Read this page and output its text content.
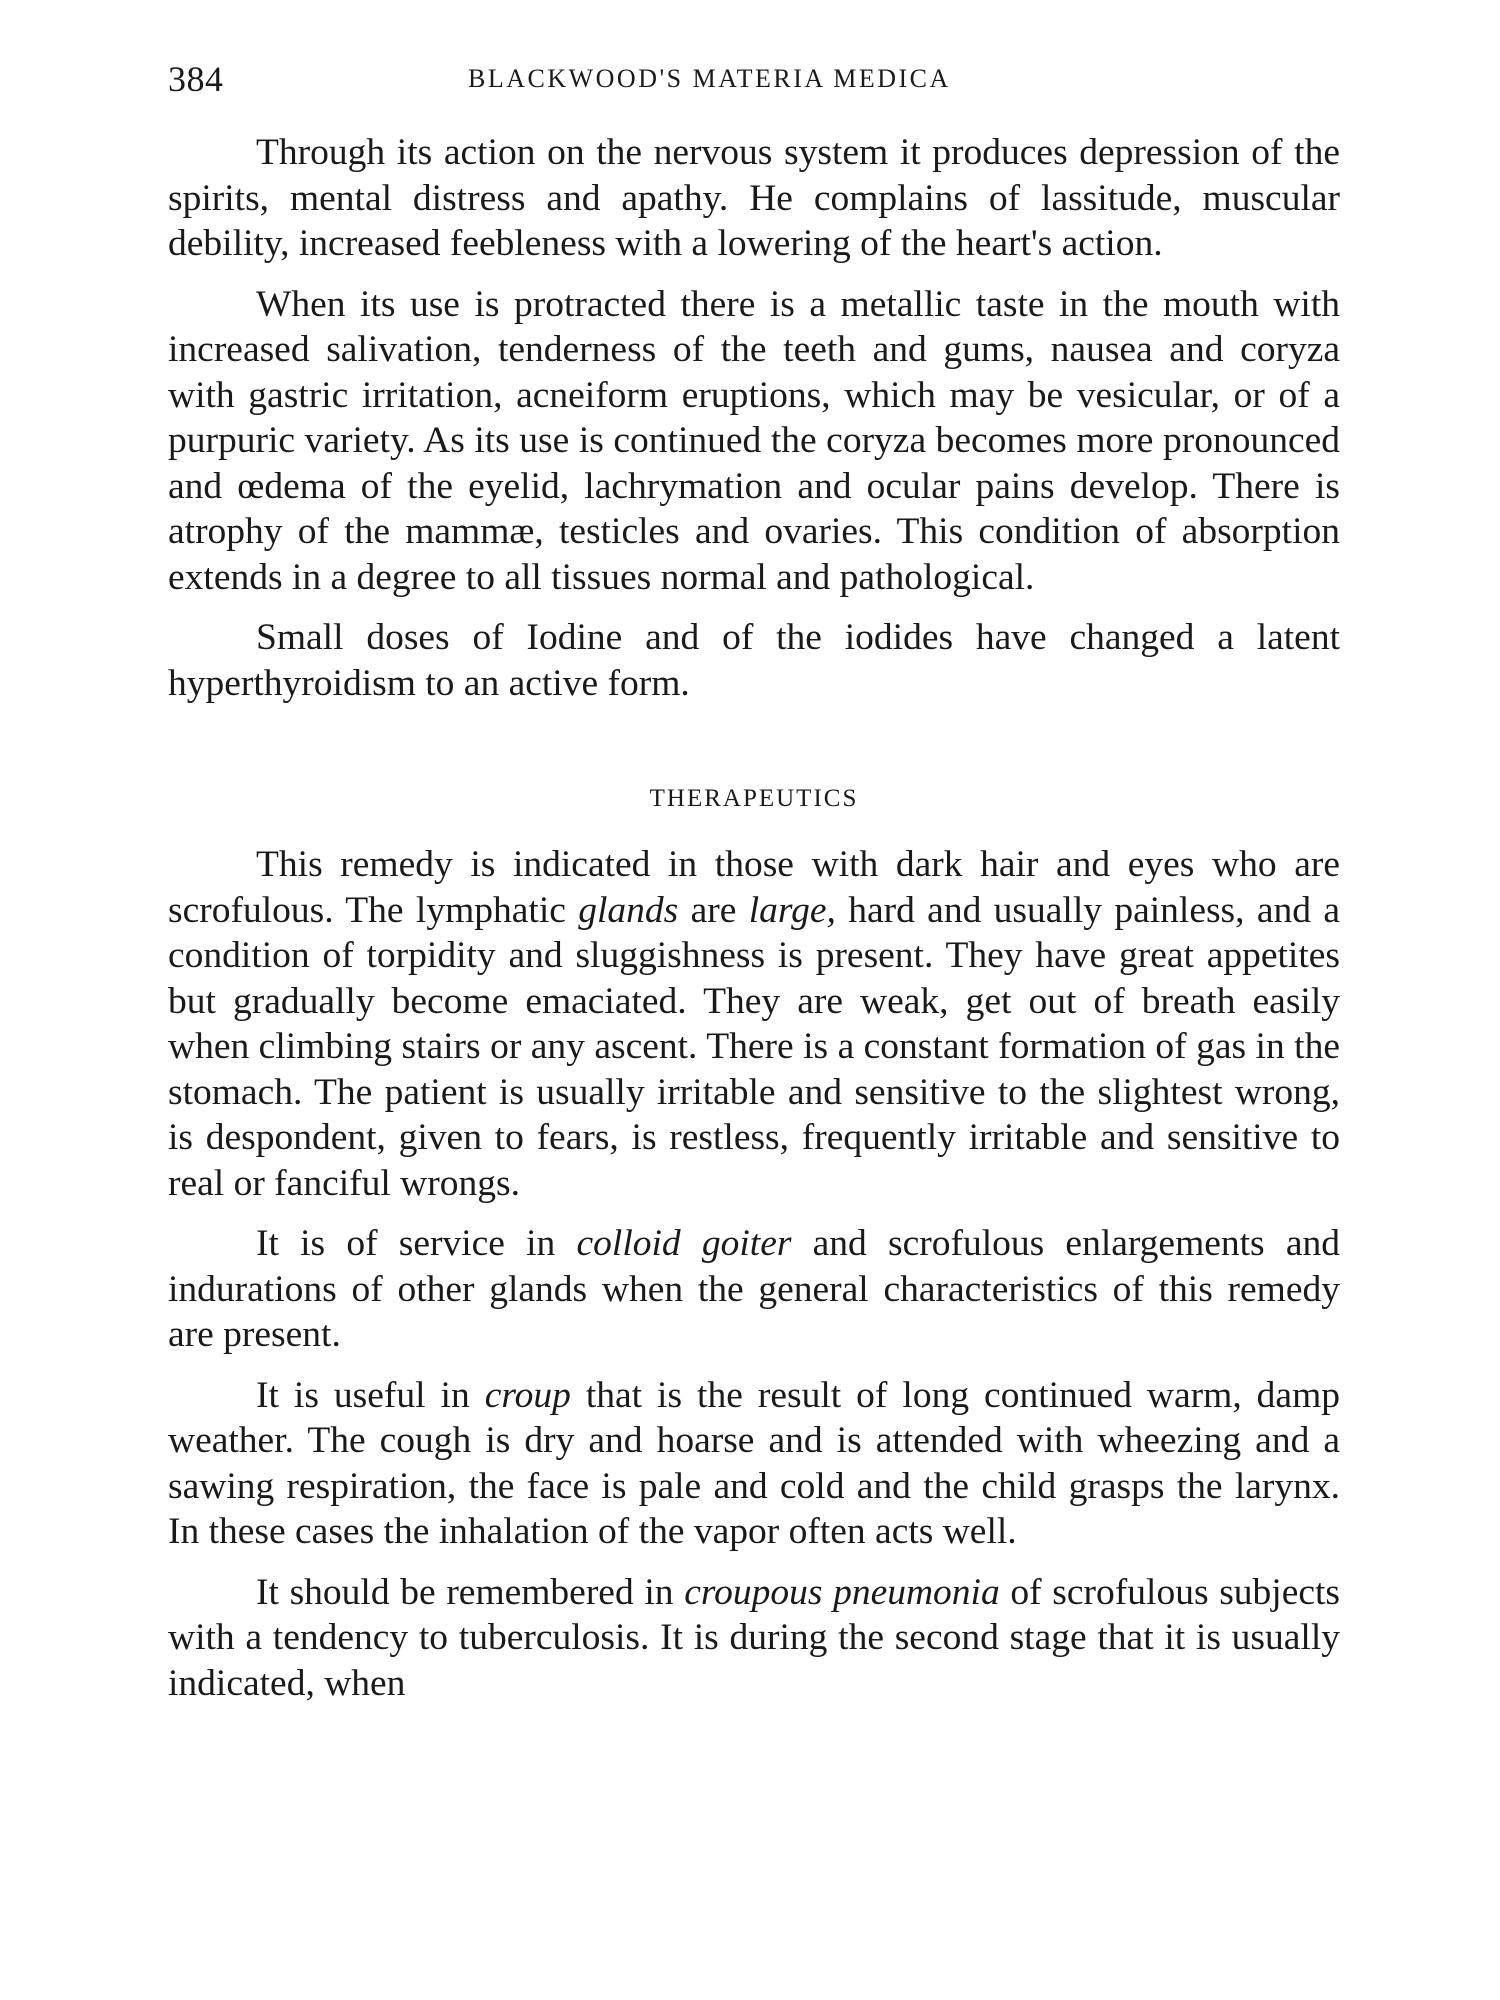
384	BLACKWOOD'S MATERIA MEDICA

Through its action on the nervous system it produces depression of the spirits, mental distress and apathy. He complains of lassitude, muscular debility, increased feebleness with a lowering of the heart's action.

When its use is protracted there is a metallic taste in the mouth with increased salivation, tenderness of the teeth and gums, nausea and coryza with gastric irritation, acneiform eruptions, which may be vesicular, or of a purpuric variety. As its use is continued the coryza becomes more pronounced and œdema of the eyelid, lachrymation and ocular pains develop. There is atrophy of the mammæ, testicles and ovaries. This condition of absorption extends in a degree to all tissues normal and pathological.

Small doses of Iodine and of the iodides have changed a latent hyperthyroidism to an active form.

THERAPEUTICS

This remedy is indicated in those with dark hair and eyes who are scrofulous. The lymphatic glands are large, hard and usually painless, and a condition of torpidity and sluggishness is present. They have great appetites but gradually become emaciated. They are weak, get out of breath easily when climbing stairs or any ascent. There is a constant formation of gas in the stomach. The patient is usually irritable and sensitive to the slightest wrong, is despondent, given to fears, is restless, frequently irritable and sensitive to real or fanciful wrongs.

It is of service in colloid goiter and scrofulous enlargements and indurations of other glands when the general characteristics of this remedy are present.

It is useful in croup that is the result of long continued warm, damp weather. The cough is dry and hoarse and is attended with wheezing and a sawing respiration, the face is pale and cold and the child grasps the larynx. In these cases the inhalation of the vapor often acts well.

It should be remembered in croupous pneumonia of scrofulous subjects with a tendency to tuberculosis. It is during the second stage that it is usually indicated, when
